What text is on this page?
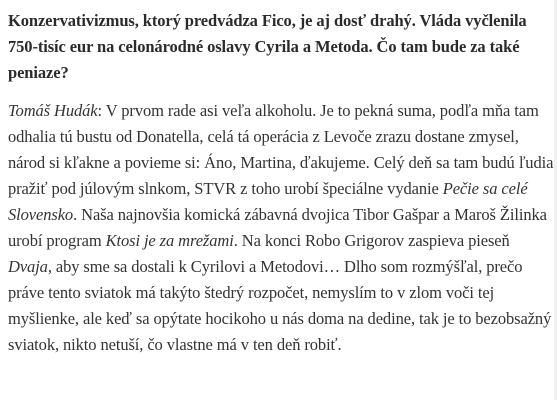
Konzervativizmus, ktorý predvádza Fico, je aj dosť drahý. Vláda vyčlenila 750-tisíc eur na celonárodné oslavy Cyrila a Metoda. Čo tam bude za také peniaze?

Tomáš Hudák: V prvom rade asi veľa alkoholu. Je to pekná suma, podľa mňa tam odhalia tú bustu od Donatella, celá tá operácia z Levoče zrazu dostane zmysel, národ si kľakne a povieme si: Áno, Martina, ďakujeme. Celý deň sa tam budú ľudia pražiť pod júlovým slnkom, STVR z toho urobí špeciálne vydanie Pečie sa celé Slovensko. Naša najnovšia komická zábavná dvojica Tibor Gašpar a Maroš Žilinka urobí program Ktosi je za mrežami. Na konci Robo Grigorov zaspieva pieseň Dvaja, aby sme sa dostali k Cyrilovi a Metodovi… Dlho som rozmýšľal, prečo práve tento sviatok má takýto štedrý rozpočet, nemyslím to v zlom voči tej myšlienke, ale keď sa opýtate hocikoho u nás doma na dedine, tak je to bezobsažný sviatok, nikto netuší, čo vlastne má v ten deň robiť.
